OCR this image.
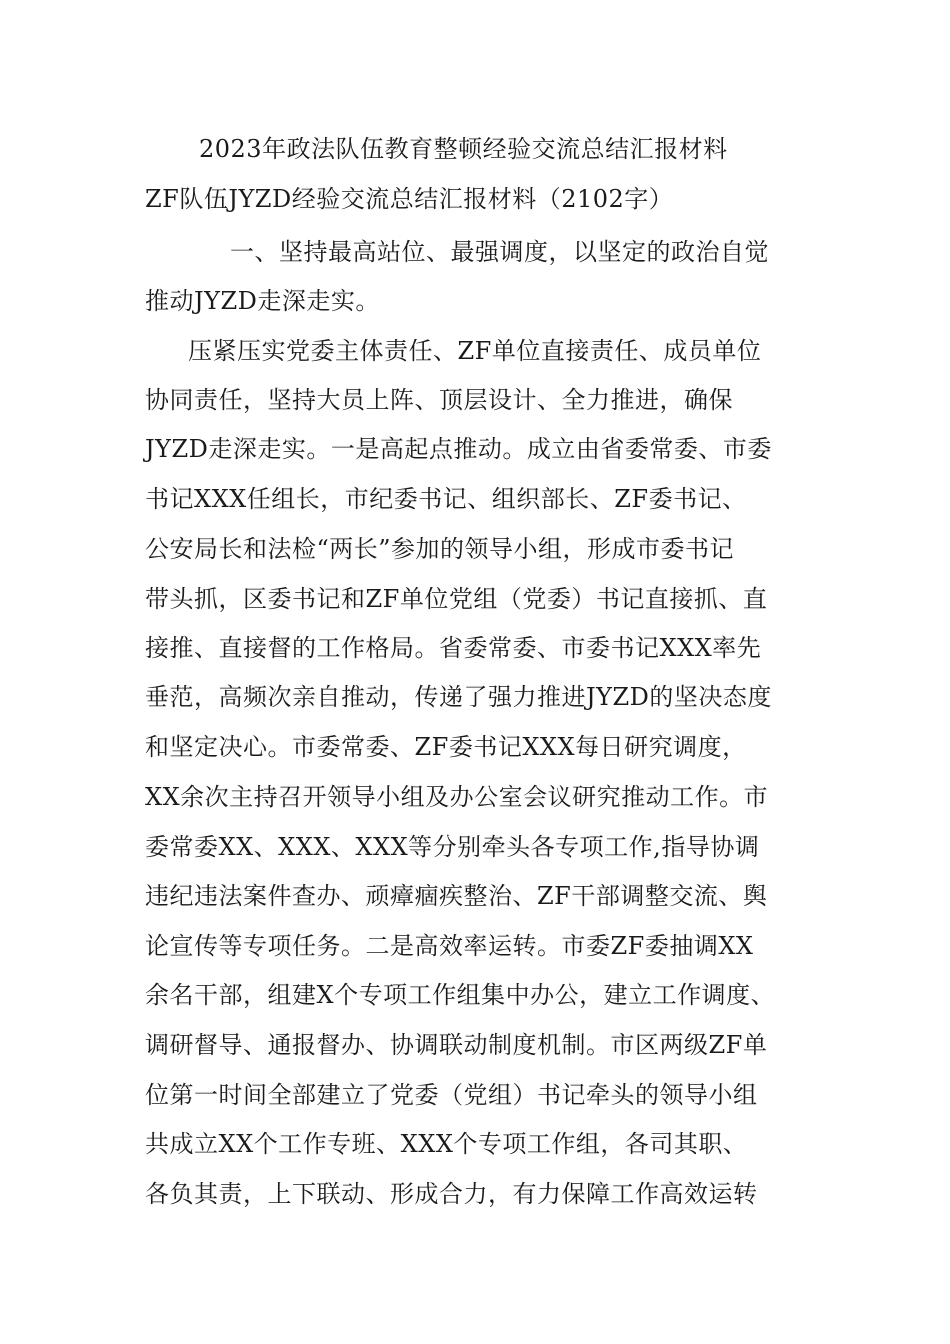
2023年政法队伍教育整顿经验交流总结汇报材料
ZF队伍JYZD经验交流总结汇报材料（2102字）
一、坚持最高站位、最强调度，以坚定的政治自觉
推动JYZD走深走实。
压紧压实党委主体责任、ZF单位直接责任、成员单位
协同责任，坚持大员上阵、顶层设计、全力推进，确保
JYZD走深走实。一是高起点推动。成立由省委常委、市委
书记XXX任组长，市纪委书记、组织部长、ZF委书记、
公安局长和法检“两长”参加的领导小组，形成市委书记
带头抓，区委书记和ZF单位党组（党委）书记直接抓、直
接推、直接督的工作格局。省委常委、市委书记XXX率先
垂范，高频次亲自推动，传递了强力推进JYZD的坚决态度
和坚定决心。市委常委、ZF委书记XXX每日研究调度，
XX余次主持召开领导小组及办公室会议研究推动工作。市
委常委XX、XXX、XXX等分别牵头各专项工作,指导协调
违纪违法案件查办、顽瘴痼疾整治、ZF干部调整交流、舆
论宣传等专项任务。二是高效率运转。市委ZF委抽调XX
余名干部，组建X个专项工作组集中办公，建立工作调度、
调研督导、通报督办、协调联动制度机制。市区两级ZF单
位第一时间全部建立了党委（党组）书记牵头的领导小组
共成立XX个工作专班、XXX个专项工作组，各司其职、
各负其责，上下联动、形成合力，有力保障工作高效运转
